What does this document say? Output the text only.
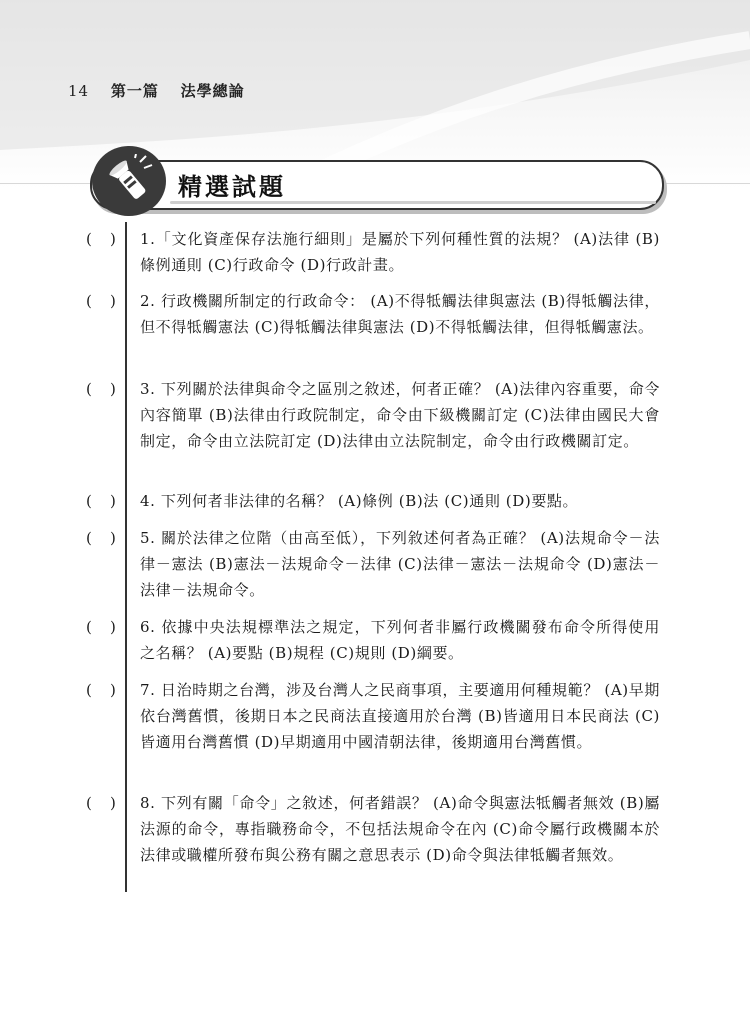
14 第一篇 法學總論
精選試題
( ) 1.「文化資產保存法施行細則」是屬於下列何種性質的法規？ (A)法律 (B)條例通則 (C)行政命令 (D)行政計畫。
( ) 2. 行政機關所制定的行政命令： (A)不得牴觸法律與憲法 (B)得牴觸法律，但不得牴觸憲法 (C)得牴觸法律與憲法 (D)不得牴觸法律，但得牴觸憲法。
( ) 3. 下列關於法律與命令之區別之敘述，何者正確？ (A)法律內容重要，命令內容簡單 (B)法律由行政院制定，命令由下級機關訂定 (C)法律由國民大會制定，命令由立法院訂定 (D)法律由立法院制定，命令由行政機關訂定。
( ) 4. 下列何者非法律的名稱？ (A)條例 (B)法 (C)通則 (D)要點。
( ) 5. 關於法律之位階（由高至低），下列敘述何者為正確？ (A)法規命令－法律－憲法 (B)憲法－法規命令－法律 (C)法律－憲法－法規命令 (D)憲法－法律－法規命令。
( ) 6. 依據中央法規標準法之規定，下列何者非屬行政機關發布命令所得使用之名稱？ (A)要點 (B)規程 (C)規則 (D)綱要。
( ) 7. 日治時期之台灣，涉及台灣人之民商事項，主要適用何種規範？ (A)早期依台灣舊慣，後期日本之民商法直接適用於台灣 (B)皆適用日本民商法 (C)皆適用台灣舊慣 (D)早期適用中國清朝法律，後期適用台灣舊慣。
( ) 8. 下列有關「命令」之敘述，何者錯誤？ (A)命令與憲法牴觸者無效 (B)屬法源的命令，專指職務命令，不包括法規命令在內 (C)命令屬行政機關本於法律或職權所發布與公務有關之意思表示 (D)命令與法律牴觸者無效。
